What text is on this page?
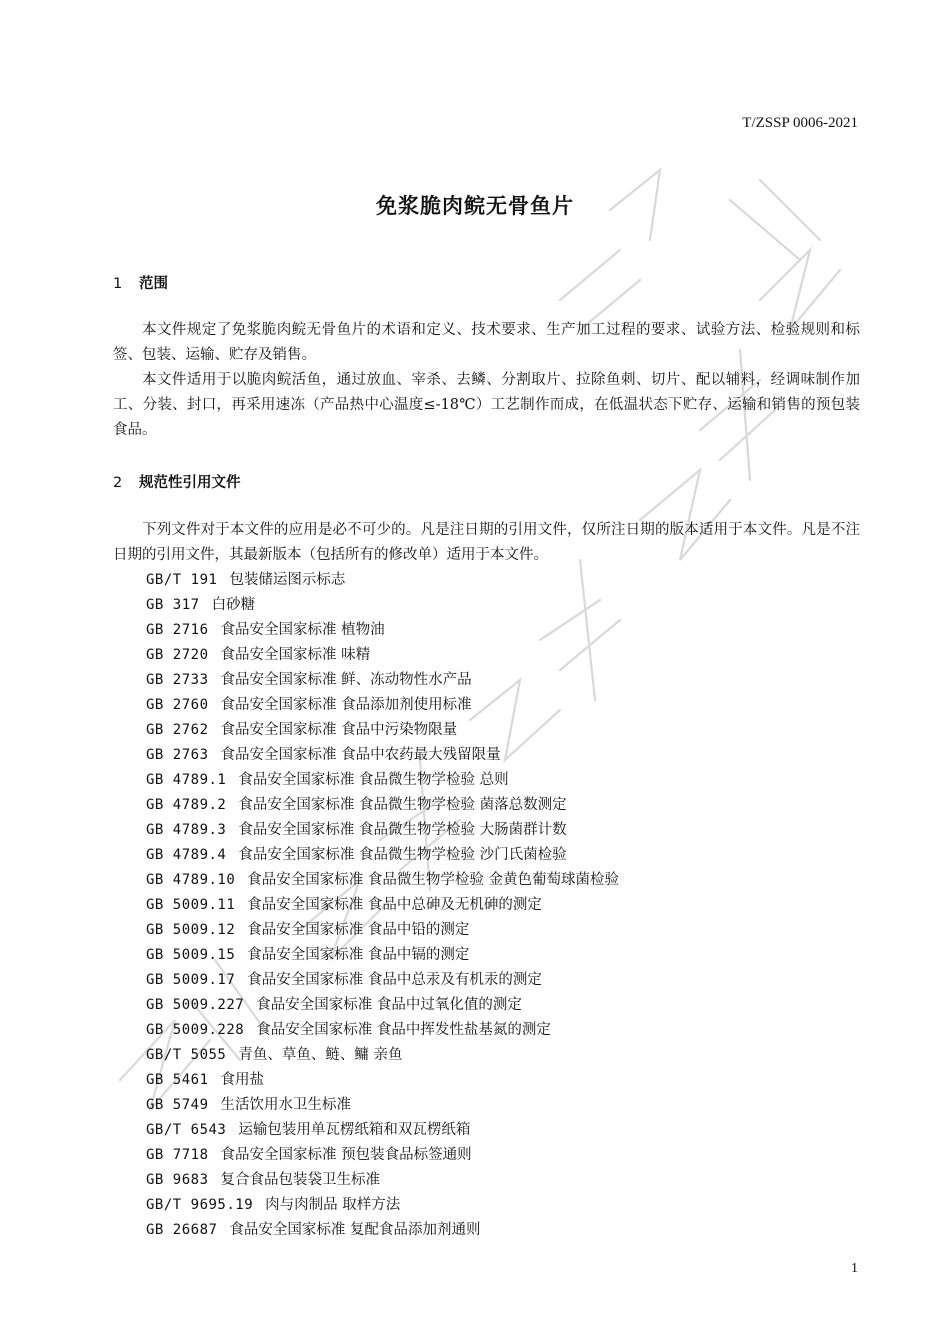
T/ZSSP 0006-2021
免浆脆肉鲩无骨鱼片
1 范围

本文件规定了免浆脆肉鲩无骨鱼片的术语和定义、技术要求、生产加工过程的要求、试验方法、检验规则和标签、包装、运输、贮存及销售。

本文件适用于以脆肉鲩活鱼，通过放血、宰杀、去鳞、分割取片、拉除鱼刺、切片、配以辅料，经调味制作加工、分装、封口，再采用速冻（产品热中心温度≤-18℃）工艺制作而成，在低温状态下贮存、运输和销售的预包装食品。

2 规范性引用文件

下列文件对于本文件的应用是必不可少的。凡是注日期的引用文件，仅所注日期的版本适用于本文件。凡是不注日期的引用文件，其最新版本（包括所有的修改单）适用于本文件。

GB/T 191 包装储运图示标志
GB 317 白砂糖
GB 2716 食品安全国家标准 植物油
GB 2720 食品安全国家标准 味精
GB 2733 食品安全国家标准 鲜、冻动物性水产品
GB 2760 食品安全国家标准 食品添加剂使用标准
GB 2762 食品安全国家标准 食品中污染物限量
GB 2763 食品安全国家标准 食品中农药最大残留限量
GB 4789.1 食品安全国家标准 食品微生物学检验 总则
GB 4789.2 食品安全国家标准 食品微生物学检验 菌落总数测定
GB 4789.3 食品安全国家标准 食品微生物学检验 大肠菌群计数
GB 4789.4 食品安全国家标准 食品微生物学检验 沙门氏菌检验
GB 4789.10 食品安全国家标准 食品微生物学检验 金黄色葡萄球菌检验
GB 5009.11 食品安全国家标准 食品中总砷及无机砷的测定
GB 5009.12 食品安全国家标准 食品中铅的测定
GB 5009.15 食品安全国家标准 食品中镉的测定
GB 5009.17 食品安全国家标准 食品中总汞及有机汞的测定
GB 5009.227 食品安全国家标准 食品中过氧化值的测定
GB 5009.228 食品安全国家标准 食品中挥发性盐基氮的测定
GB/T 5055 青鱼、草鱼、鲢、鳙 亲鱼
GB 5461 食用盐
GB 5749 生活饮用水卫生标准
GB/T 6543 运输包装用单瓦楞纸箱和双瓦楞纸箱
GB 7718 食品安全国家标准 预包装食品标签通则
GB 9683 复合食品包装袋卫生标准
GB/T 9695.19 肉与肉制品 取样方法
GB 26687 食品安全国家标准 复配食品添加剂通则
1
